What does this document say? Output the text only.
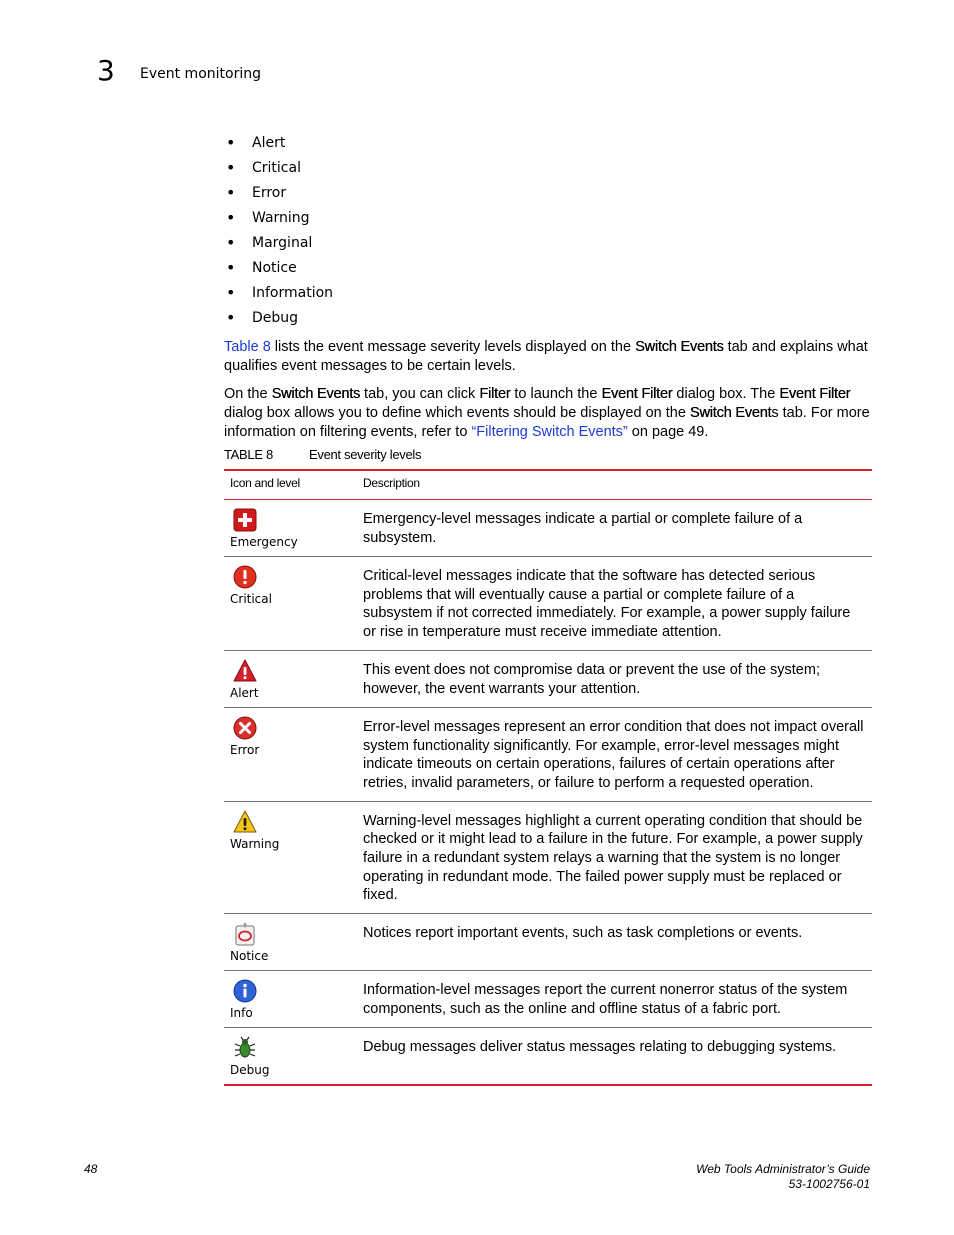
3 Event monitoring
• Alert
• Critical
• Error
• Warning
• Marginal
• Notice
• Information
• Debug

Table 8 lists the event message severity levels displayed on the Switch Events tab and explains what qualifies event messages to be certain levels.

On the Switch Events tab, you can click Filter to launch the Event Filter dialog box. The Event Filter dialog box allows you to define which events should be displayed on the Switch Events tab. For more information on filtering events, refer to “Filtering Switch Events” on page 49.

TABLE 8	Event severity levels
Icon and level	Description

Emergency	Emergency-level messages indicate a partial or complete failure of a subsystem.

Critical	Critical-level messages indicate that the software has detected serious problems that will eventually cause a partial or complete failure of a subsystem if not corrected immediately. For example, a power supply failure or rise in temperature must receive immediate attention.

Alert	This event does not compromise data or prevent the use of the system; however, the event warrants your attention.

Error	Error-level messages represent an error condition that does not impact overall system functionality significantly. For example, error-level messages might indicate timeouts on certain operations, failures of certain operations after retries, invalid parameters, or failure to perform a requested operation.

Warning	Warning-level messages highlight a current operating condition that should be checked or it might lead to a failure in the future. For example, a power supply failure in a redundant system relays a warning that the system is no longer operating in redundant mode. The failed power supply must be replaced or fixed.

Notice	Notices report important events, such as task completions or events.

Info	Information-level messages report the current nonerror status of the system components, such as the online and offline status of a fabric port.

Debug	Debug messages deliver status messages relating to debugging systems.
48	Web Tools Administrator’s Guide
53-1002756-01
